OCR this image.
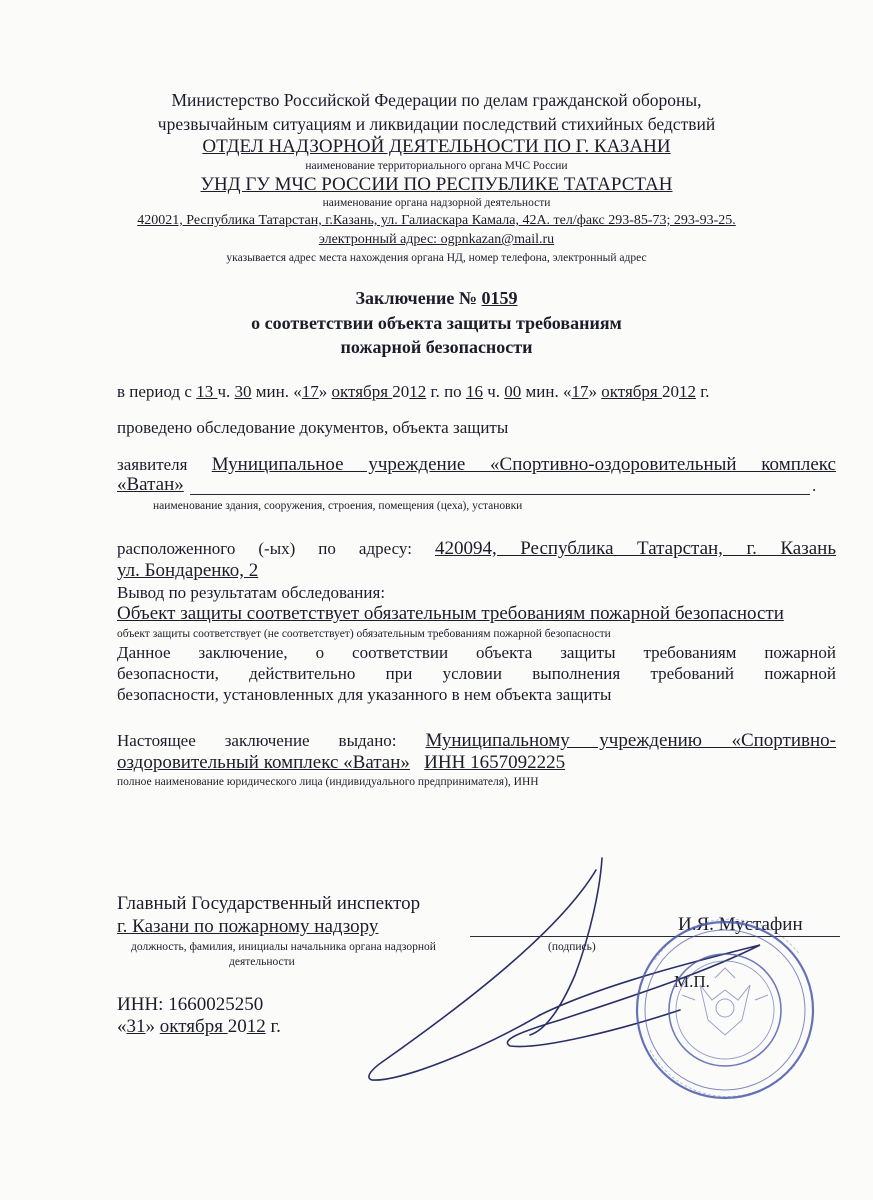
Министерство Российской Федерации по делам гражданской обороны,
чрезвычайным ситуациям и ликвидации последствий стихийных бедствий
ОТДЕЛ НАДЗОРНОЙ ДЕЯТЕЛЬНОСТИ ПО Г. КАЗАНИ
наименование территориального органа МЧС России
УНД ГУ МЧС РОССИИ ПО РЕСПУБЛИКЕ ТАТАРСТАН
наименование органа надзорной деятельности
420021, Республика Татарстан, г.Казань, ул. Галиаскара Камала, 42А. тел/факс 293-85-73; 293-93-25.
электронный адрес: ogpnkazan@mail.ru
указывается адрес места нахождения органа НД, номер телефона, электронный адрес
Заключение № 0159
о соответствии объекта защиты требованиям
пожарной безопасности
в период с 13 ч. 30 мин. «17» октября 2012 г. по 16 ч. 00 мин. «17» октября 2012 г.
проведено обследование документов, объекта защиты
заявителя Муниципальное учреждение «Спортивно-оздоровительный комплекс
«Ватан»	.
наименование здания, сооружения, строения, помещения (цеха), установки
расположенного (-ых) по адресу: 420094, Республика Татарстан, г. Казань
ул. Бондаренко, 2
Вывод по результатам обследования:
Объект защиты соответствует обязательным требованиям пожарной безопасности
объект защиты соответствует (не соответствует) обязательным требованиям пожарной безопасности
Данное заключение, о соответствии объекта защиты требованиям пожарной
безопасности, действительно при условии выполнения требований пожарной
безопасности, установленных для указанного в нем объекта защиты
Настоящее заключение выдано: Муниципальному учреждению «Спортивно-
оздоровительный комплекс «Ватан» ИНН 1657092225
полное наименование юридического лица (индивидуального предпринимателя), ИНН
Главный Государственный инспектор
г. Казани по пожарному надзору	И.Я. Мустафин
должность, фамилия, инициалы начальника органа надзорной
деятельности
(подпись)
М.П.
ИНН: 1660025250
«31» октября 2012 г.
